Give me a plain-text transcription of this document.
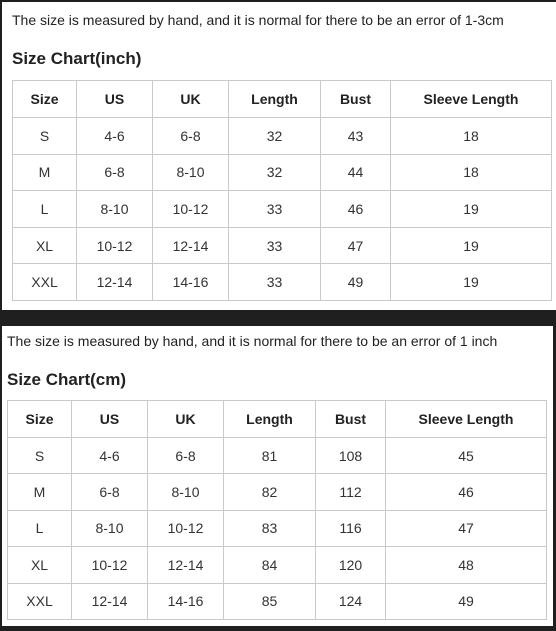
The size is measured by hand, and it is normal for there to be an error of 1-3cm
Size Chart(inch)
Size	US	UK	Length	Bust	Sleeve Length
S	4-6	6-8	32	43	18
M	6-8	8-10	32	44	18
L	8-10	10-12	33	46	19
XL	10-12	12-14	33	47	19
XXL	12-14	14-16	33	49	19
The size is measured by hand, and it is normal for there to be an error of 1 inch
Size Chart(cm)
Size	US	UK	Length	Bust	Sleeve Length
S	4-6	6-8	81	108	45
M	6-8	8-10	82	112	46
L	8-10	10-12	83	116	47
XL	10-12	12-14	84	120	48
XXL	12-14	14-16	85	124	49
